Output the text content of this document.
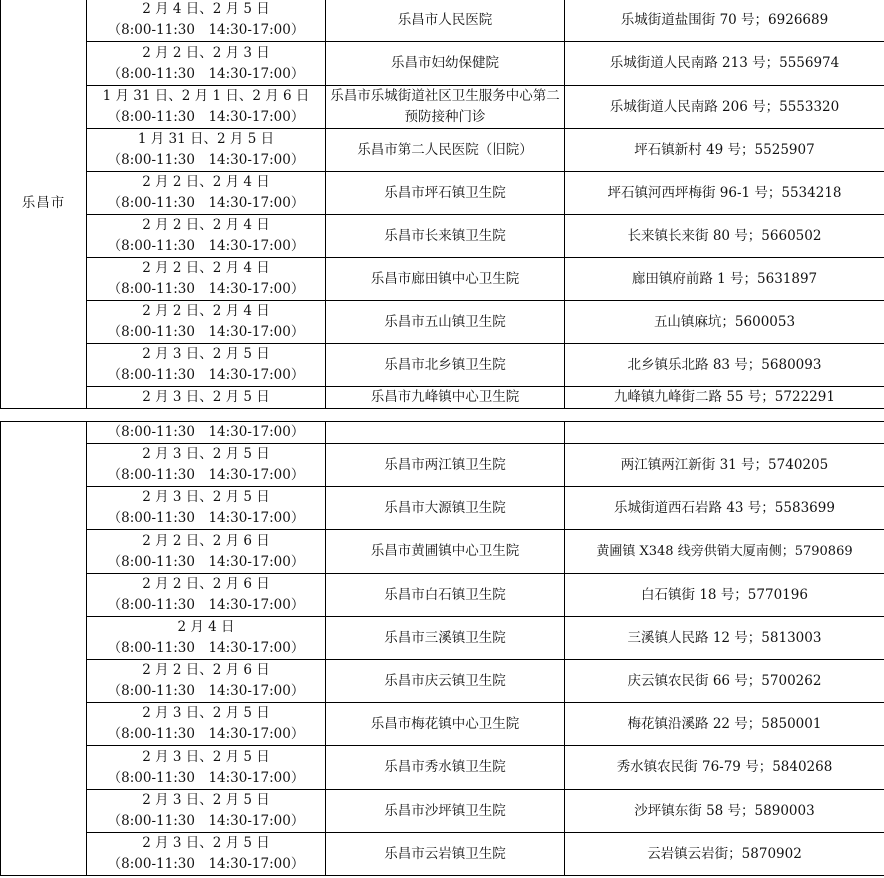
乐昌市	2 月 4 日、2 月 5 日
（8:00-11:30　14:30-17:00）	乐昌市人民医院	乐城街道盐围街 70 号；6926689

	2 月 2 日、2 月 3 日
（8:00-11:30　14:30-17:00）	乐昌市妇幼保健院	乐城街道人民南路 213 号；5556974

	1 月 31 日、2 月 1 日、2 月 6 日
（8:00-11:30　14:30-17:00）	乐昌市乐城街道社区卫生服务中心第二预防接种门诊	乐城街道人民南路 206 号；5553320

	1 月 31 日、2 月 5 日
（8:00-11:30　14:30-17:00）	乐昌市第二人民医院（旧院）	坪石镇新村 49 号；5525907

	2 月 2 日、2 月 4 日
（8:00-11:30　14:30-17:00）	乐昌市坪石镇卫生院	坪石镇河西坪梅街 96-1 号；5534218

	2 月 2 日、2 月 4 日
（8:00-11:30　14:30-17:00）	乐昌市长来镇卫生院	长来镇长来街 80 号；5660502

	2 月 2 日、2 月 4 日
（8:00-11:30　14:30-17:00）	乐昌市廊田镇中心卫生院	廊田镇府前路 1 号；5631897

	2 月 2 日、2 月 4 日
（8:00-11:30　14:30-17:00）	乐昌市五山镇卫生院	五山镇麻坑；5600053

	2 月 3 日、2 月 5 日
（8:00-11:30　14:30-17:00）	乐昌市北乡镇卫生院	北乡镇乐北路 83 号；5680093
	2 月 3 日、2 月 5 日	乐昌市九峰镇中心卫生院	九峰镇九峰街二路 55 号；5722291
	（8:00-11:30　14:30-17:00）		

	2 月 3 日、2 月 5 日
（8:00-11:30　14:30-17:00）	乐昌市两江镇卫生院	两江镇两江新街 31 号；5740205

	2 月 3 日、2 月 5 日
（8:00-11:30　14:30-17:00）	乐昌市大源镇卫生院	乐城街道西石岩路 43 号；5583699

	2 月 2 日、2 月 6 日
（8:00-11:30　14:30-17:00）	乐昌市黄圃镇中心卫生院	黄圃镇 X348 线旁供销大厦南侧；5790869

	2 月 2 日、2 月 6 日
（8:00-11:30　14:30-17:00）	乐昌市白石镇卫生院	白石镇街 18 号；5770196

	2 月 4 日
（8:00-11:30　14:30-17:00）	乐昌市三溪镇卫生院	三溪镇人民路 12 号；5813003

	2 月 2 日、2 月 6 日
（8:00-11:30　14:30-17:00）	乐昌市庆云镇卫生院	庆云镇农民街 66 号；5700262

	2 月 3 日、2 月 5 日
（8:00-11:30　14:30-17:00）	乐昌市梅花镇中心卫生院	梅花镇沿溪路 22 号；5850001

	2 月 3 日、2 月 5 日
（8:00-11:30　14:30-17:00）	乐昌市秀水镇卫生院	秀水镇农民街 76-79 号；5840268

	2 月 3 日、2 月 5 日
（8:00-11:30　14:30-17:00）	乐昌市沙坪镇卫生院	沙坪镇东街 58 号；5890003

	2 月 3 日、2 月 5 日
（8:00-11:30　14:30-17:00）	乐昌市云岩镇卫生院	云岩镇云岩街；5870902
